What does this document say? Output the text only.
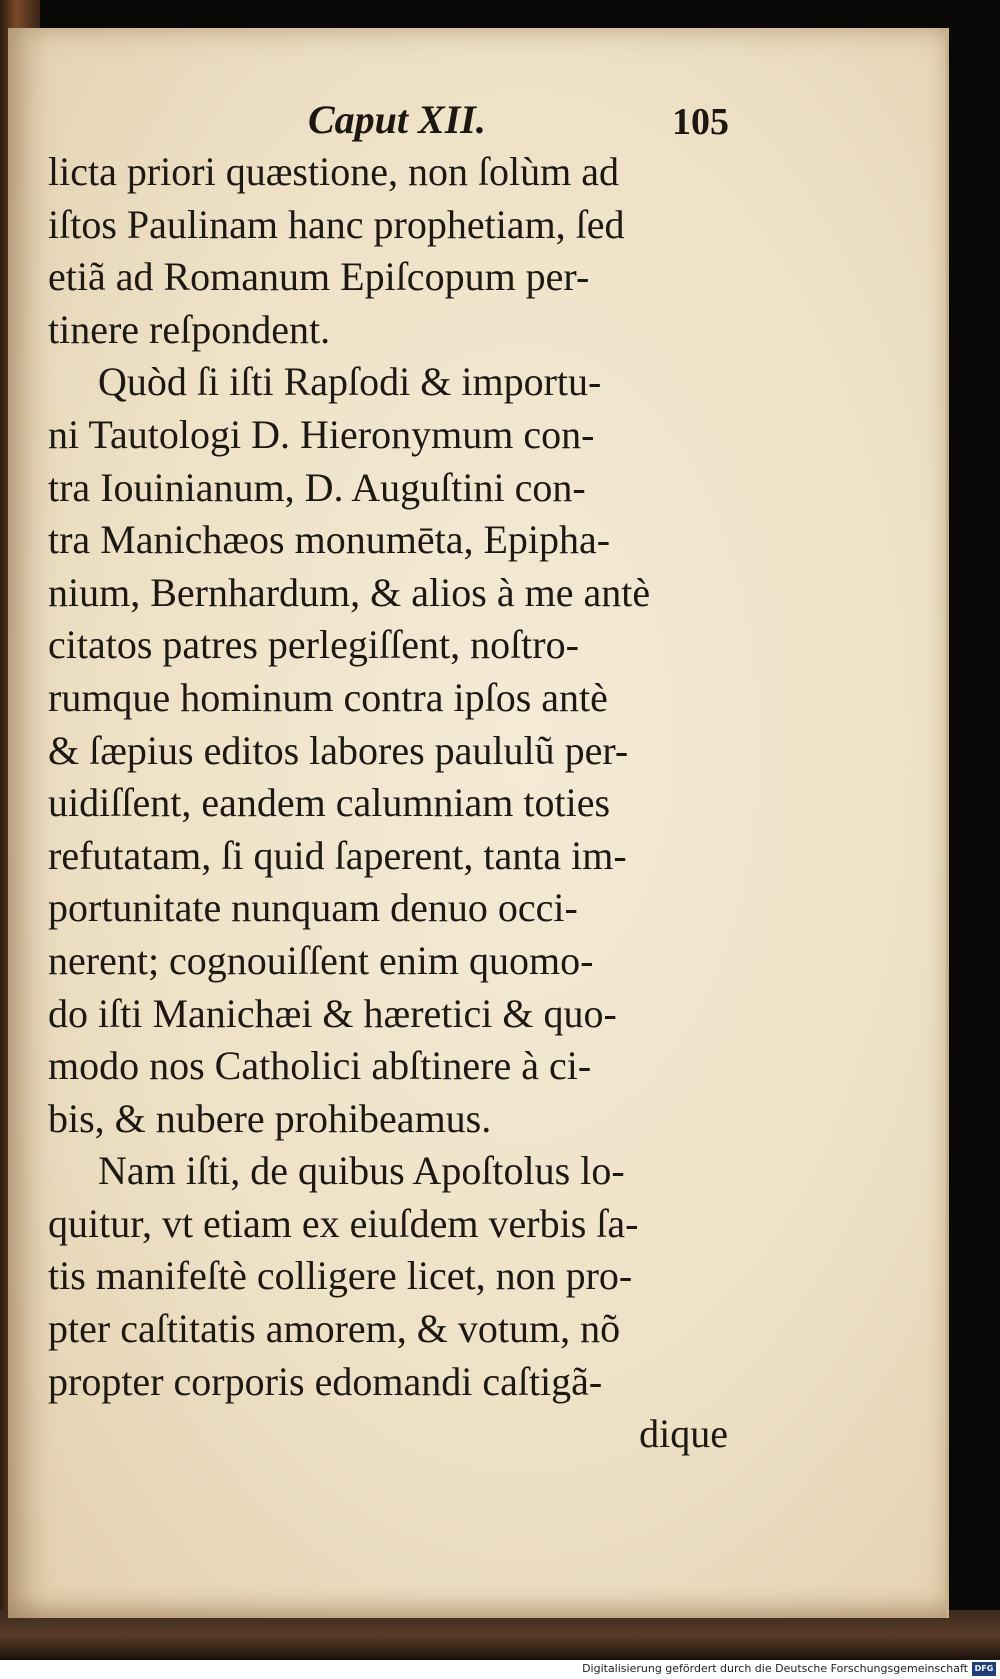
Caput XII.	105
licta priori quæstione, non ſolùm ad
iſtos Paulinam hanc prophetiam, ſed
etiã ad Romanum Epiſcopum per-
tinere reſpondent.
Quòd ſi iſti Rapſodi & importu-
ni Tautologi D. Hieronymum con-
tra Iouinianum, D. Auguſtini con-
tra Manichæos monumēta, Epipha-
nium, Bernhardum, & alios à me antè
citatos patres perlegiſſent, noſtro-
rumque hominum contra ipſos antè
& ſæpius editos labores paululũ per-
uidiſſent, eandem calumniam toties
refutatam, ſi quid ſaperent, tanta im-
portunitate nunquam denuo occi-
nerent; cognouiſſent enim quomo-
do iſti Manichæi & hæretici & quo-
modo nos Catholici abſtinere à ci-
bis, & nubere prohibeamus.
Nam iſti, de quibus Apoſtolus lo-
quitur, vt etiam ex eiuſdem verbis ſa-
tis manifeſtè colligere licet, non pro-
pter caſtitatis amorem, & votum, nõ
propter corporis edomandi caſtigã-
dique
Digitalisierung gefördert durch die Deutsche Forschungsgemeinschaft DFG
